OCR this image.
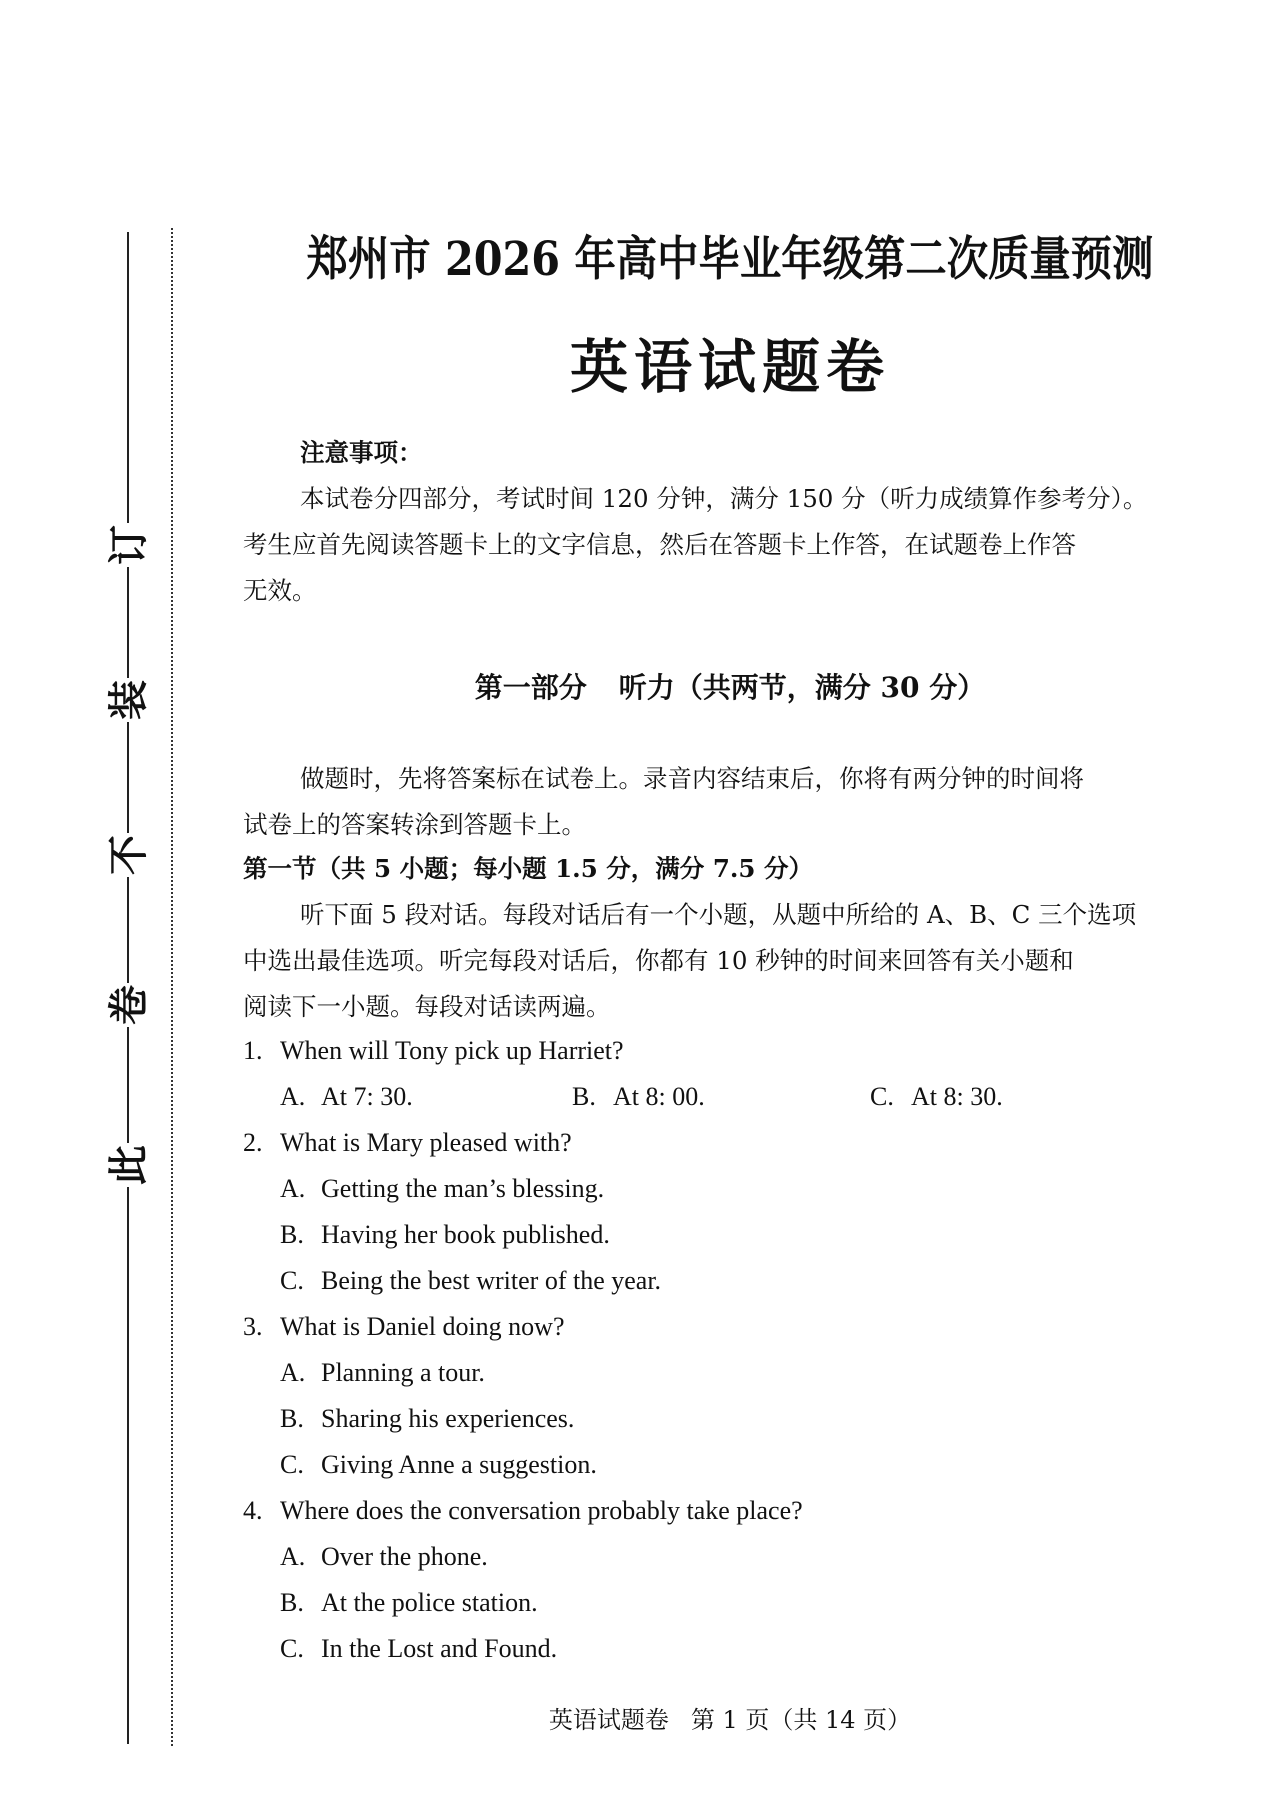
此
卷
不
装
订
郑州市 2026 年高中毕业年级第二次质量预测
英语试题卷
注意事项：
本试卷分四部分，考试时间 120 分钟，满分 150 分（听力成绩算作参考分）。
考生应首先阅读答题卡上的文字信息，然后在答题卡上作答，在试题卷上作答
无效。
第一部分 听力（共两节，满分 30 分）
做题时，先将答案标在试卷上。录音内容结束后，你将有两分钟的时间将
试卷上的答案转涂到答题卡上。
第一节（共 5 小题；每小题 1.5 分，满分 7.5 分）
听下面 5 段对话。每段对话后有一个小题，从题中所给的 A、B、C 三个选项
中选出最佳选项。听完每段对话后，你都有 10 秒钟的时间来回答有关小题和
阅读下一小题。每段对话读两遍。
1. When will Tony pick up Harriet?
A. At 7: 30.	B. At 8: 00.	C. At 8: 30.
2. What is Mary pleased with?
A. Getting the man’s blessing.
B. Having her book published.
C. Being the best writer of the year.
3. What is Daniel doing now?
A. Planning a tour.
B. Sharing his experiences.
C. Giving Anne a suggestion.
4. Where does the conversation probably take place?
A. Over the phone.
B. At the police station.
C. In the Lost and Found.
英语试题卷 第 1 页（共 14 页）
